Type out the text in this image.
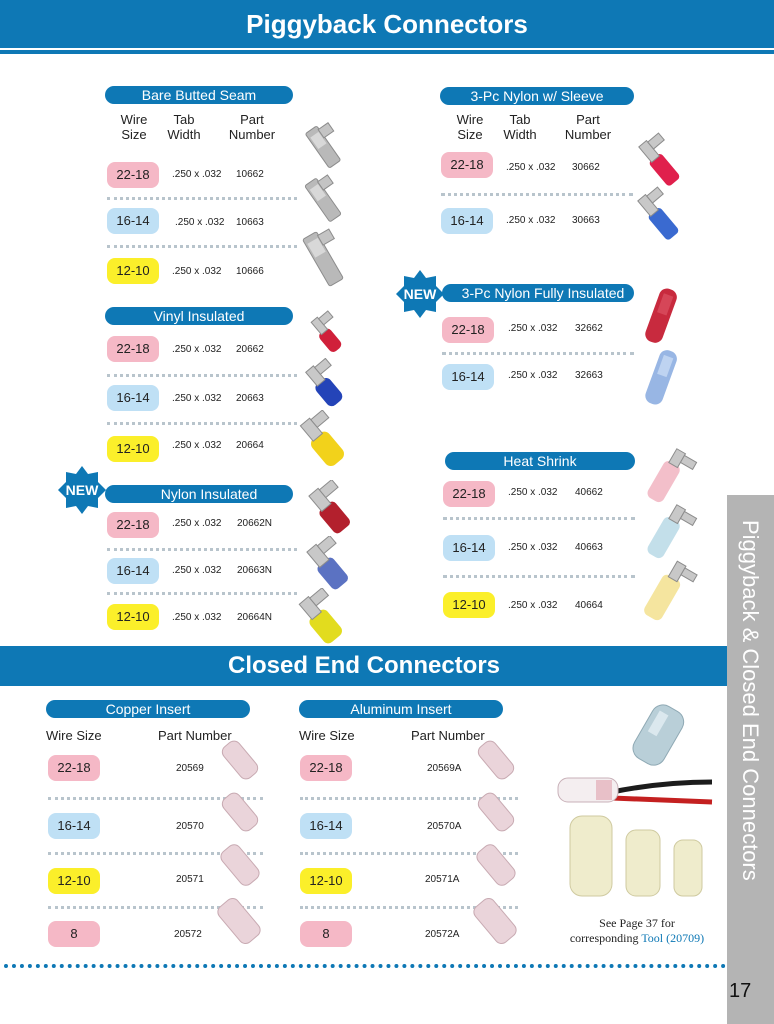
Piggyback Connectors
Closed End Connectors	Piggyback & Closed End Connectors
17
Bare Butted Seam
Wire
Size
Tab
Width
Part
Number
22-18	.250 x .032 10662
16-14	.250 x .032 10663
12-10	.250 x .032 10666
Vinyl Insulated
22-18	.250 x .032 20662
16-14	.250 x .032 20663
12-10	.250 x .032 20664
NEW	Nylon Insulated
22-18	.250 x .032 20662N
16-14	.250 x .032 20663N
12-10	.250 x .032 20664N
3-Pc Nylon w/ Sleeve
Wire
Size
Tab
Width
Part
Number
22-18	.250 x .032 30662
16-14	.250 x .032 30663
NEW	3-Pc Nylon Fully Insulated
22-18	.250 x .032 32662
16-14	.250 x .032 32663
Heat Shrink
22-18	.250 x .032 40662
16-14	.250 x .032 40663
12-10	.250 x .032 40664
Copper Insert
Wire Size	Part Number
22-18	20569
16-14	20570
12-10	20571
8	20572
Aluminum Insert
Wire Size	Part Number
22-18	20569A
16-14	20570A
12-10	20571A
8	20572A
See Page 37 for
corresponding Tool (20709)
